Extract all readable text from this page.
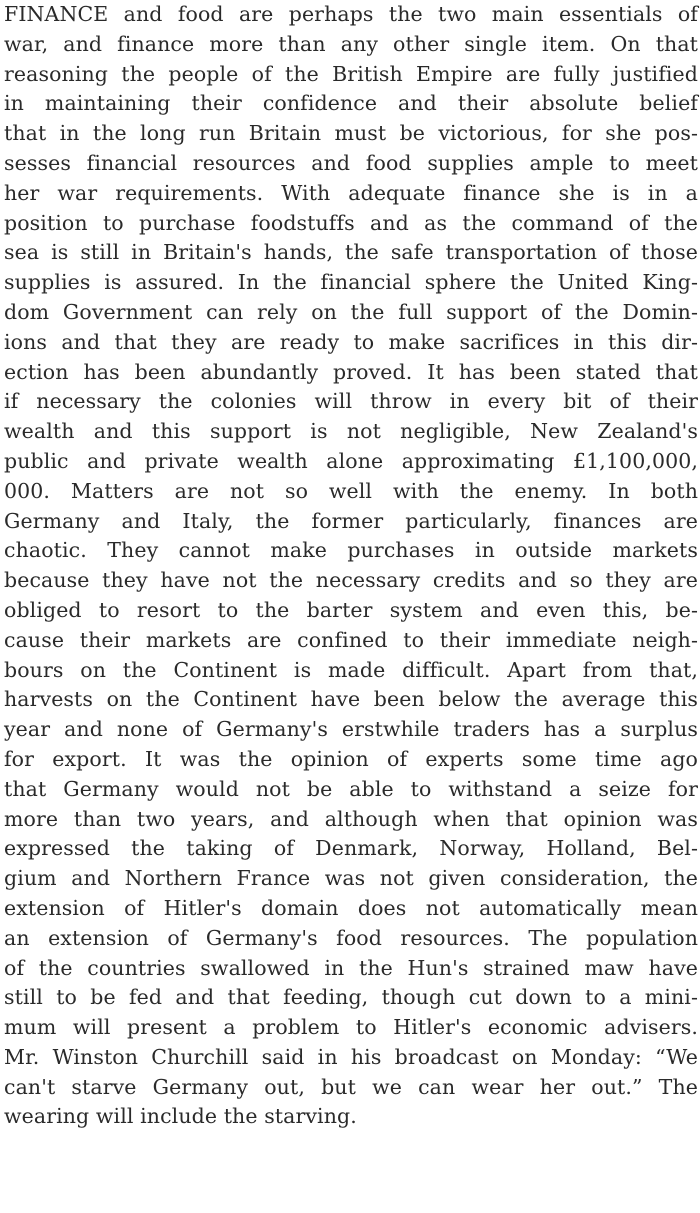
FINANCE and food are perhaps the two main essentials of
war, and finance more than any other single item. On that
reasoning the people of the British Empire are fully justified
in maintaining their confidence and their absolute belief
that in the long run Britain must be victorious, for she pos-
sesses financial resources and food supplies ample to meet
her war requirements. With adequate finance she is in a
position to purchase foodstuffs and as the command of the
sea is still in Britain's hands, the safe transportation of those
supplies is assured. In the financial sphere the United King-
dom Government can rely on the full support of the Domin-
ions and that they are ready to make sacrifices in this dir-
ection has been abundantly proved. It has been stated that
if necessary the colonies will throw in every bit of their
wealth and this support is not negligible, New Zealand's
public and private wealth alone approximating £1,100,000,
000. Matters are not so well with the enemy. In both
Germany and Italy, the former particularly, finances are
chaotic. They cannot make purchases in outside markets
because they have not the necessary credits and so they are
obliged to resort to the barter system and even this, be-
cause their markets are confined to their immediate neigh-
bours on the Continent is made difficult. Apart from that,
harvests on the Continent have been below the average this
year and none of Germany's erstwhile traders has a surplus
for export. It was the opinion of experts some time ago
that Germany would not be able to withstand a seize for
more than two years, and although when that opinion was
expressed the taking of Denmark, Norway, Holland, Bel-
gium and Northern France was not given consideration, the
extension of Hitler's domain does not automatically mean
an extension of Germany's food resources. The population
of the countries swallowed in the Hun's strained maw have
still to be fed and that feeding, though cut down to a mini-
mum will present a problem to Hitler's economic advisers.
Mr. Winston Churchill said in his broadcast on Monday: “We
can't starve Germany out, but we can wear her out.” The
wearing will include the starving.
